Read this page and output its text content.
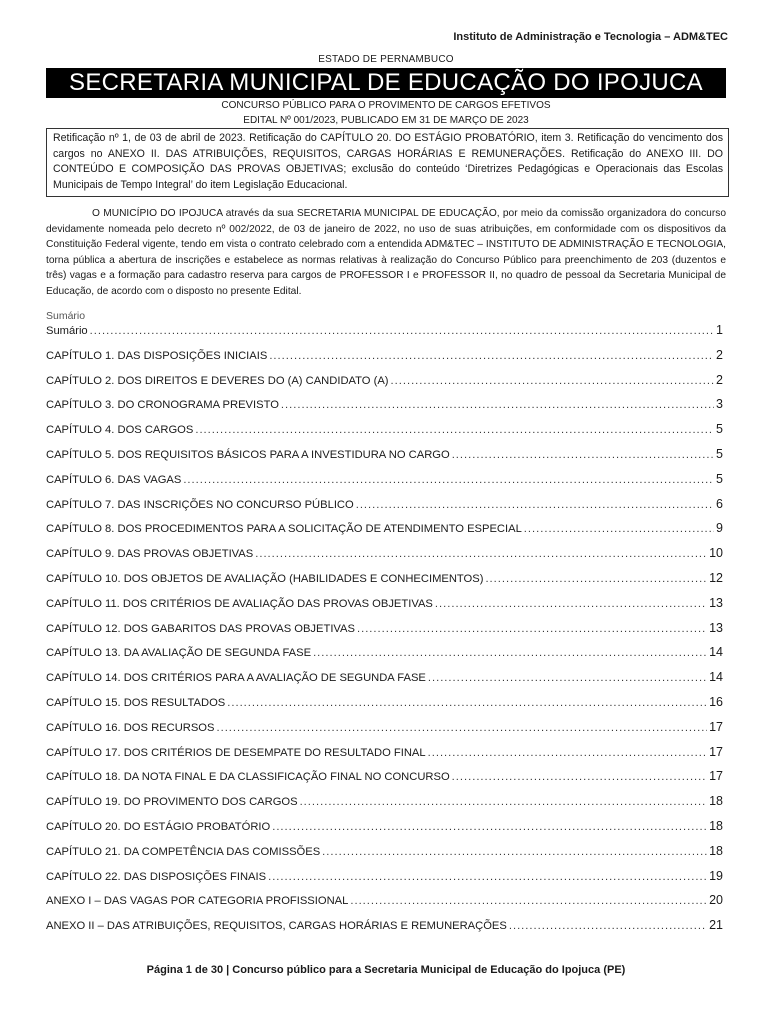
Instituto de Administração e Tecnologia – ADM&TEC
ESTADO DE PERNAMBUCO
SECRETARIA MUNICIPAL DE EDUCAÇÃO DO IPOJUCA
CONCURSO PÚBLICO PARA O PROVIMENTO DE CARGOS EFETIVOS
EDITAL Nº 001/2023, PUBLICADO EM 31 DE MARÇO DE 2023
Retificação nº 1, de 03 de abril de 2023. Retificação do CAPÍTULO 20. DO ESTÁGIO PROBATÓRIO, item 3. Retificação do vencimento dos cargos no ANEXO II. DAS ATRIBUIÇÕES, REQUISITOS, CARGAS HORÁRIAS E REMUNERAÇÕES. Retificação do ANEXO III. DO CONTEÚDO E COMPOSIÇÃO DAS PROVAS OBJETIVAS; exclusão do conteúdo ‘Diretrizes Pedagógicas e Operacionais das Escolas Municipais de Tempo Integral’ do item Legislação Educacional.
O MUNICÍPIO DO IPOJUCA através da sua SECRETARIA MUNICIPAL DE EDUCAÇÃO, por meio da comissão organizadora do concurso devidamente nomeada pelo decreto nº 002/2022, de 03 de janeiro de 2022, no uso de suas atribuições, em conformidade com os dispositivos da Constituição Federal vigente, tendo em vista o contrato celebrado com a entendida ADM&TEC – INSTITUTO DE ADMINISTRAÇÃO E TECNOLOGIA, torna pública a abertura de inscrições e estabelece as normas relativas à realização do Concurso Público para preenchimento de 203 (duzentos e três) vagas e a formação para cadastro reserva para cargos de PROFESSOR I e PROFESSOR II, no quadro de pessoal da Secretaria Municipal de Educação, de acordo com o disposto no presente Edital.
Sumário
Sumário .....	1
CAPÍTULO 1. DAS DISPOSIÇÕES INICIAIS .....	2
CAPÍTULO 2. DOS DIREITOS E DEVERES DO (A) CANDIDATO (A) .....	2
CAPÍTULO 3. DO CRONOGRAMA PREVISTO .....	3
CAPÍTULO 4. DOS CARGOS .....	5
CAPÍTULO 5. DOS REQUISITOS BÁSICOS PARA A INVESTIDURA NO CARGO .....	5
CAPÍTULO 6. DAS VAGAS .....	5
CAPÍTULO 7. DAS INSCRIÇÕES NO CONCURSO PÚBLICO .....	6
CAPÍTULO 8. DOS PROCEDIMENTOS PARA A SOLICITAÇÃO DE ATENDIMENTO ESPECIAL .....	9
CAPÍTULO 9. DAS PROVAS OBJETIVAS .....	10
CAPÍTULO 10. DOS OBJETOS DE AVALIAÇÃO (HABILIDADES E CONHECIMENTOS) .....	12
CAPÍTULO 11. DOS CRITÉRIOS DE AVALIAÇÃO DAS PROVAS OBJETIVAS .....	13
CAPÍTULO 12. DOS GABARITOS DAS PROVAS OBJETIVAS .....	13
CAPÍTULO 13. DA AVALIAÇÃO DE SEGUNDA FASE .....	14
CAPÍTULO 14. DOS CRITÉRIOS PARA A AVALIAÇÃO DE SEGUNDA FASE .....	14
CAPÍTULO 15. DOS RESULTADOS .....	16
CAPÍTULO 16. DOS RECURSOS .....	17
CAPÍTULO 17. DOS CRITÉRIOS DE DESEMPATE DO RESULTADO FINAL .....	17
CAPÍTULO 18. DA NOTA FINAL E DA CLASSIFICAÇÃO FINAL NO CONCURSO .....	17
CAPÍTULO 19. DO PROVIMENTO DOS CARGOS .....	18
CAPÍTULO 20. DO ESTÁGIO PROBATÓRIO .....	18
CAPÍTULO 21. DA COMPETÊNCIA DAS COMISSÕES .....	18
CAPÍTULO 22. DAS DISPOSIÇÕES FINAIS .....	19
ANEXO I – DAS VAGAS POR CATEGORIA PROFISSIONAL .....	20
ANEXO II – DAS ATRIBUIÇÕES, REQUISITOS, CARGAS HORÁRIAS E REMUNERAÇÕES .....	21
Página 1 de 30 | Concurso público para a Secretaria Municipal de Educação do Ipojuca (PE)
